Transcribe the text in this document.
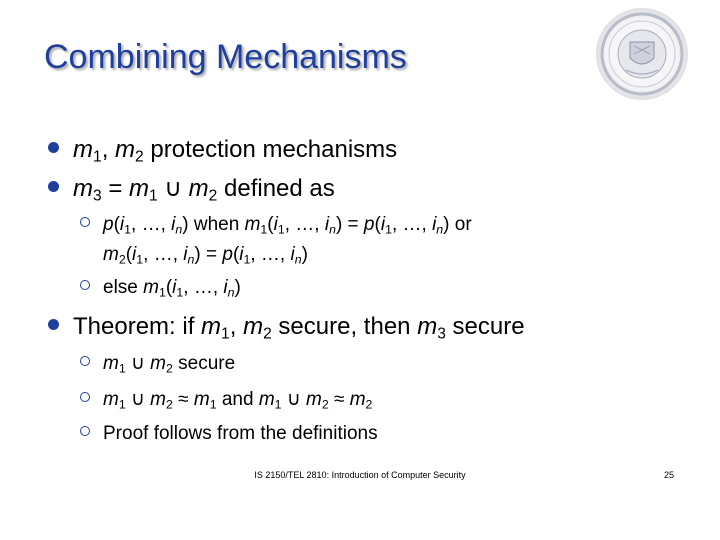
Combining Mechanisms
$m_1$, $m_2$ protection mechanisms
$m_3 = m_1$ ∪ $m_2$ defined as
$p(i_1$, …, $i_n$) when $m_1(i_1$, …, $i_n) = p(i_1$, …, $i_n$) or
$m_2(i_1$, …, $i_n) = p(i_1$, …, $i_n$)
else $m_1(i_1$, …, $i_n$)
Theorem: if $m_1$, $m_2$ secure, then $m_3$ secure
$m_1$ ∪ $m_2$ secure
$m_1$ ∪ $m_2 \approx m_1$ and $m_1$ ∪ $m_2 \approx m_2$
Proof follows from the definitions
IS 2150/TEL 2810: Introduction of Computer Security	25
